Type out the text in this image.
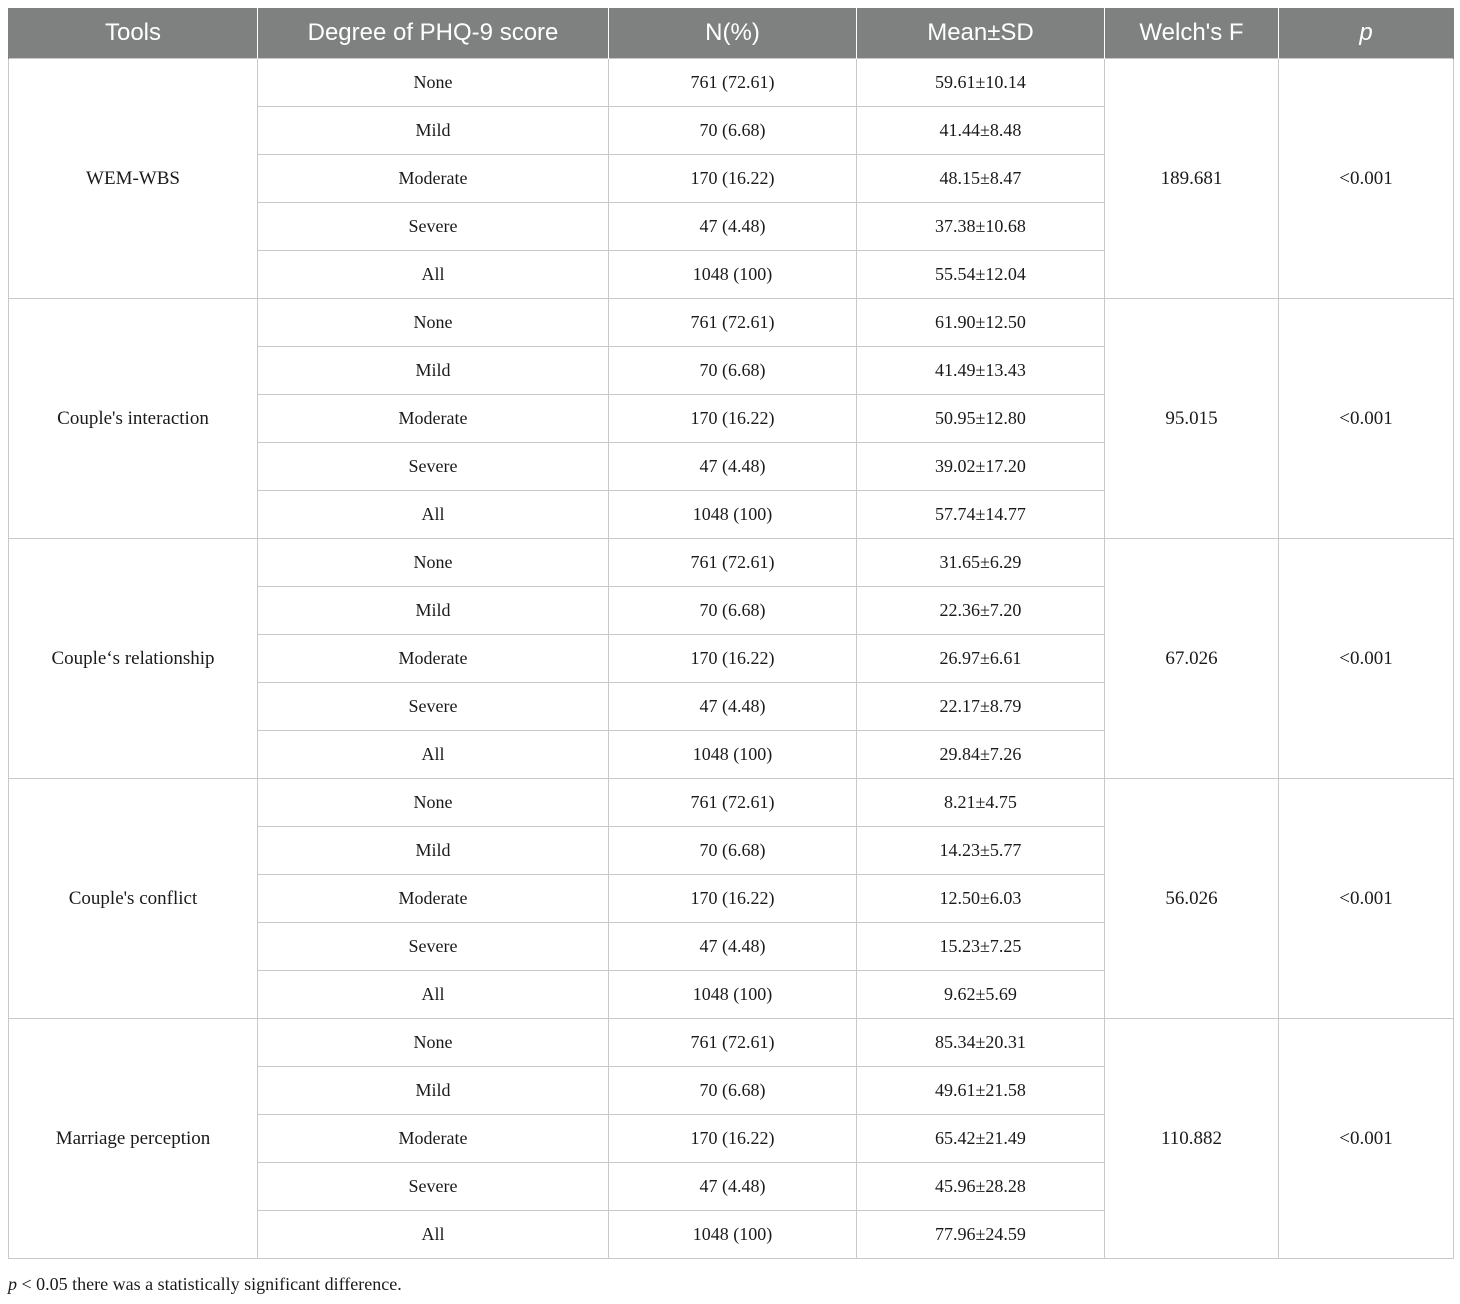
Tools	Degree of PHQ-9 score	N(%)	Mean±SD	Welch's F	p
WEM-WBS	None	761 (72.61)	59.61±10.14	189.681	<0.001
	Mild	70 (6.68)	41.44±8.48		
	Moderate	170 (16.22)	48.15±8.47		
	Severe	47 (4.48)	37.38±10.68		
	All	1048 (100)	55.54±12.04		
Couple's interaction	None	761 (72.61)	61.90±12.50	95.015	<0.001
	Mild	70 (6.68)	41.49±13.43		
	Moderate	170 (16.22)	50.95±12.80		
	Severe	47 (4.48)	39.02±17.20		
	All	1048 (100)	57.74±14.77		
Couple‘s relationship	None	761 (72.61)	31.65±6.29	67.026	<0.001
	Mild	70 (6.68)	22.36±7.20		
	Moderate	170 (16.22)	26.97±6.61		
	Severe	47 (4.48)	22.17±8.79		
	All	1048 (100)	29.84±7.26		
Couple's conflict	None	761 (72.61)	8.21±4.75	56.026	<0.001
	Mild	70 (6.68)	14.23±5.77		
	Moderate	170 (16.22)	12.50±6.03		
	Severe	47 (4.48)	15.23±7.25		
	All	1048 (100)	9.62±5.69		
Marriage perception	None	761 (72.61)	85.34±20.31	110.882	<0.001
	Mild	70 (6.68)	49.61±21.58		
	Moderate	170 (16.22)	65.42±21.49		
	Severe	47 (4.48)	45.96±28.28		
	All	1048 (100)	77.96±24.59		
p < 0.05 there was a statistically significant difference.
